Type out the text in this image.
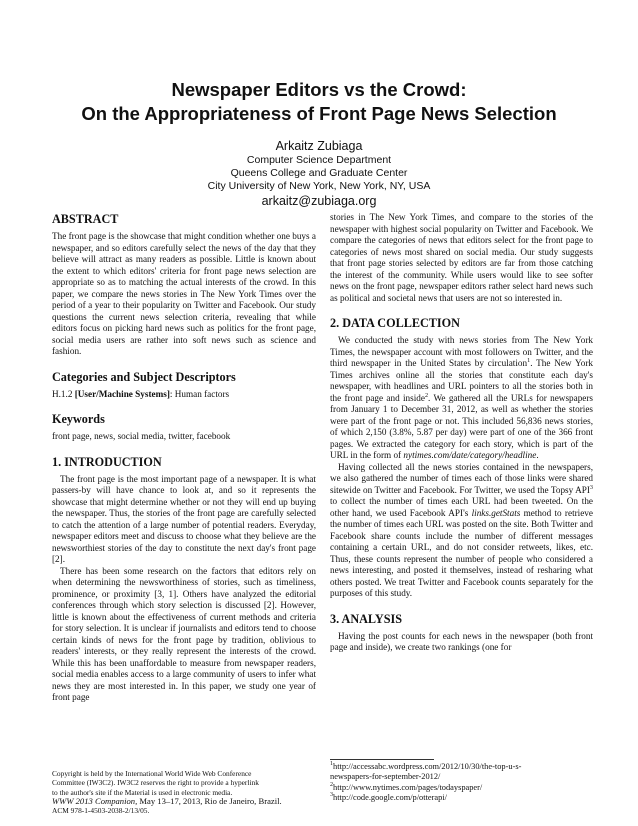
Newspaper Editors vs the Crowd:
On the Appropriateness of Front Page News Selection
Arkaitz Zubiaga
Computer Science Department
Queens College and Graduate Center
City University of New York, New York, NY, USA
arkaitz@zubiaga.org
ABSTRACT

The front page is the showcase that might condition whether one buys a newspaper, and so editors carefully select the news of the day that they believe will attract as many readers as possible. Little is known about the extent to which editors' criteria for front page news selection are appropriate so as to matching the actual interests of the crowd. In this paper, we compare the news stories in The New York Times over the period of a year to their popularity on Twitter and Facebook. Our study questions the current news selection criteria, revealing that while editors focus on picking hard news such as politics for the front page, social media users are rather into soft news such as science and fashion.

Categories and Subject Descriptors

H.1.2 [User/Machine Systems]: Human factors

Keywords

front page, news, social media, twitter, facebook

1. INTRODUCTION

The front page is the most important page of a newspaper. It is what passers-by will have chance to look at, and so it represents the showcase that might determine whether or not they will end up buying the newspaper. Thus, the stories of the front page are carefully selected to catch the attention of a large number of potential readers. Everyday, newspaper editors meet and discuss to choose what they believe are the newsworthiest stories of the day to constitute the next day's front page [2].

There has been some research on the factors that editors rely on when determining the newsworthiness of stories, such as timeliness, prominence, or proximity [3, 1]. Others have analyzed the editorial conferences through which story selection is discussed [2]. However, little is known about the effectiveness of current methods and criteria for story selection. It is unclear if journalists and editors tend to choose certain kinds of news for the front page by tradition, oblivious to readers' interests, or they really represent the interests of the crowd. While this has been unaffordable to measure from newspaper readers, social media enables access to a large community of users to infer what news they are most interested in. In this paper, we study one year of front page

Copyright is held by the International World Wide Web Conference
Committee (IW3C2). IW3C2 reserves the right to provide a hyperlink
to the author's site if the Material is used in electronic media.
WWW 2013 Companion, May 13–17, 2013, Rio de Janeiro, Brazil.
ACM 978-1-4503-2038-2/13/05.

stories in The New York Times, and compare to the stories of the newspaper with highest social popularity on Twitter and Facebook. We compare the categories of news that editors select for the front page to categories of news most shared on social media. Our study suggests that front page stories selected by editors are far from those catching the interest of the community. While users would like to see softer news on the front page, newspaper editors rather select hard news such as political and societal news that users are not so interested in.

2. DATA COLLECTION

We conducted the study with news stories from The New York Times, the newspaper account with most followers on Twitter, and the third newspaper in the United States by circulation$^1$. The New York Times archives online all the stories that constitute each day's newspaper, with headlines and URL pointers to all the stories both in the front page and inside$^2$. We gathered all the URLs for newspapers from January 1 to December 31, 2012, as well as whether the stories were part of the front page or not. This included 56,836 news stories, of which 2,150 (3.8%, 5.87 per day) were part of one of the 366 front pages. We extracted the category for each story, which is part of the URL in the form of nytimes.com/date/category/headline.

Having collected all the news stories contained in the newspapers, we also gathered the number of times each of those links were shared sitewide on Twitter and Facebook. For Twitter, we used the Topsy API$^3$ to collect the number of times each URL had been tweeted. On the other hand, we used Facebook API's links.getStats method to retrieve the number of times each URL was posted on the site. Both Twitter and Facebook share counts include the number of different messages containing a certain URL, and do not consider retweets, likes, etc. Thus, these counts represent the number of people who considered a news interesting, and posted it themselves, instead of resharing what others posted. We treat Twitter and Facebook counts separately for the purposes of this study.

3. ANALYSIS

Having the post counts for each news in the newspaper (both front page and inside), we create two rankings (one for

$^1$http://accessabc.wordpress.com/2012/10/30/the-top-u-s-
newspapers-for-september-2012/
$^2$http://www.nytimes.com/pages/todayspaper/
$^3$http://code.google.com/p/otterapi/
